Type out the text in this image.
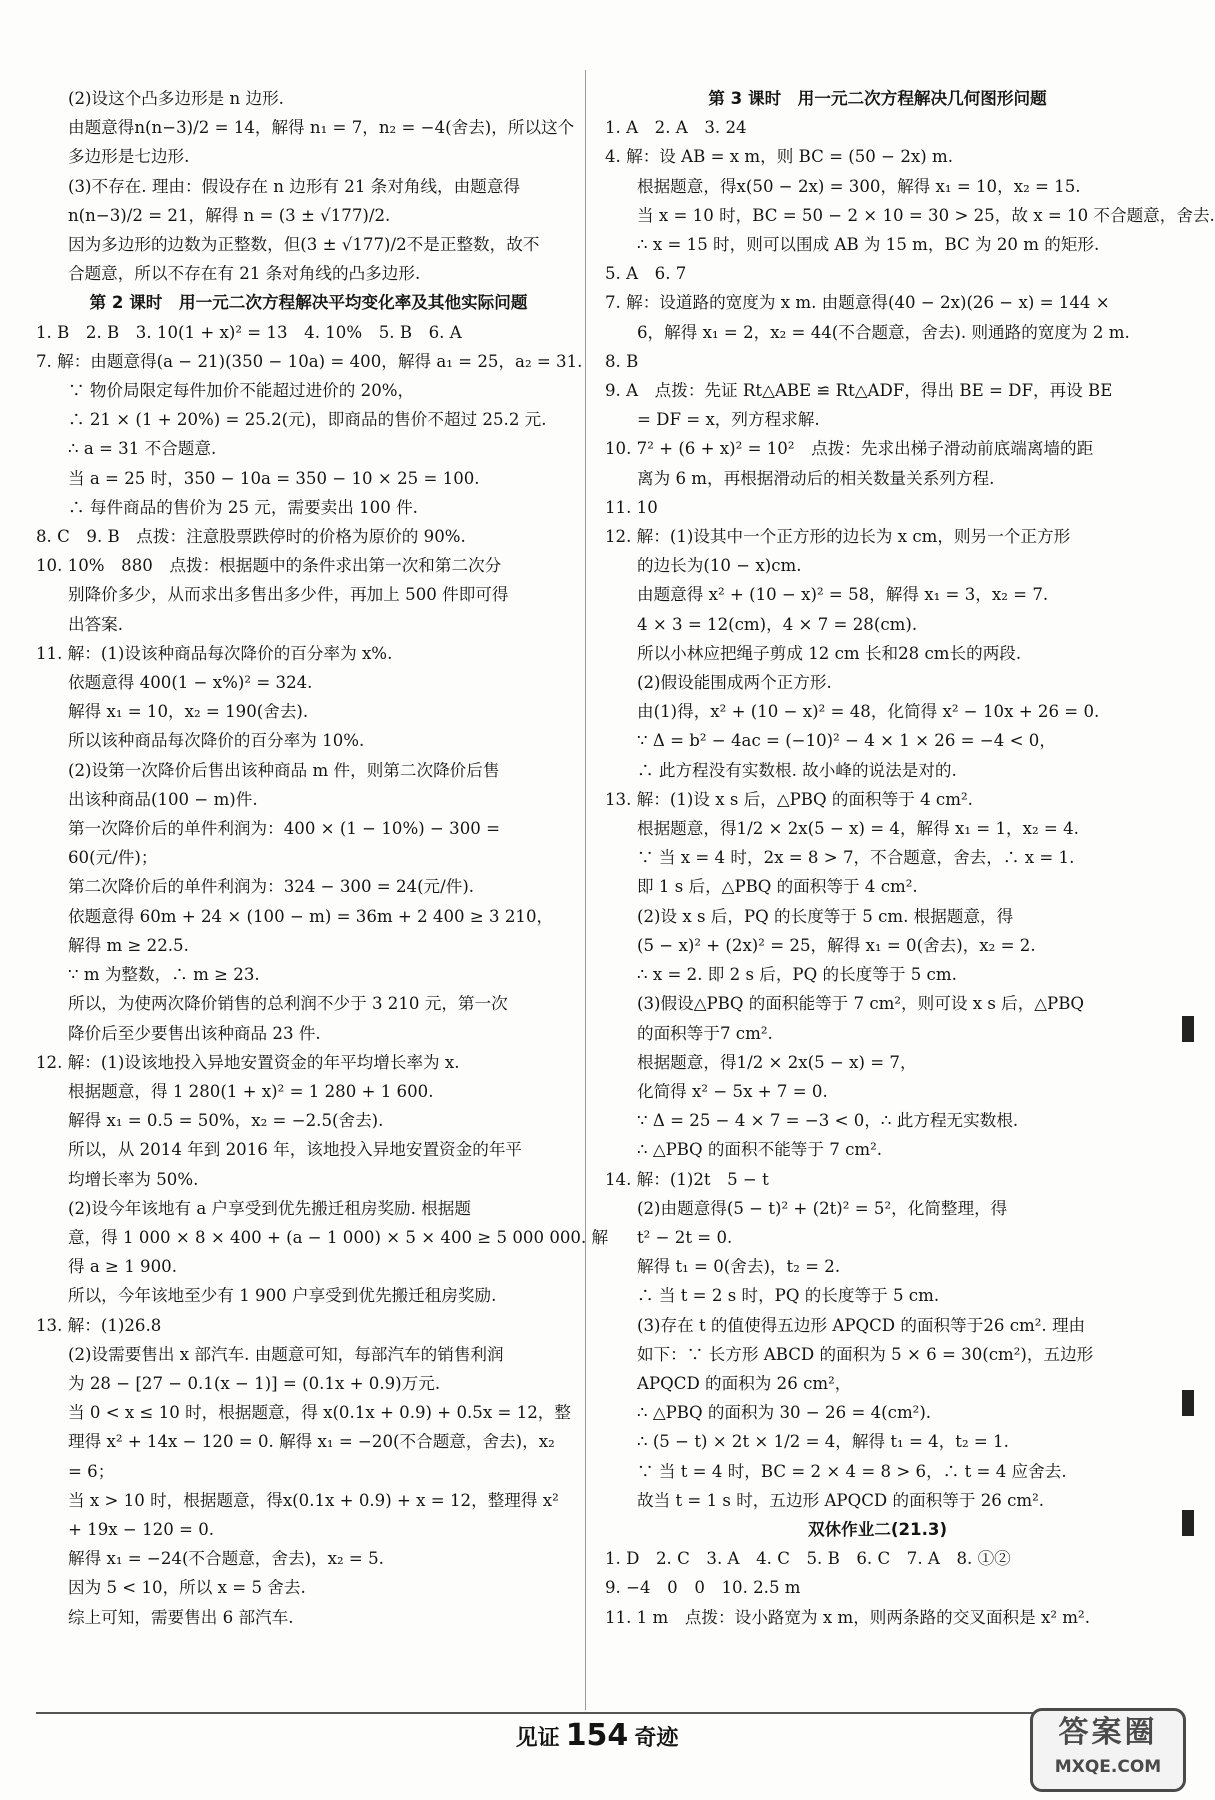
(2)设这个凸多边形是 n 边形.
由题意得n(n−3)/2 = 14，解得 n₁ = 7，n₂ = −4(舍去)，所以这个
多边形是七边形.
(3)不存在. 理由：假设存在 n 边形有 21 条对角线，由题意得
n(n−3)/2 = 21，解得 n = (3 ± √177)/2.
因为多边形的边数为正整数，但(3 ± √177)/2不是正整数，故不
合题意，所以不存在有 21 条对角线的凸多边形.
第 2 课时　用一元二次方程解决平均变化率及其他实际问题
1. B　2. B　3. 10(1 + x)² = 13　4. 10%　5. B　6. A
7. 解：由题意得(a − 21)(350 − 10a) = 400，解得 a₁ = 25，a₂ = 31.
∵ 物价局限定每件加价不能超过进价的 20%，
∴ 21 × (1 + 20%) = 25.2(元)，即商品的售价不超过 25.2 元.
∴ a = 31 不合题意.
当 a = 25 时，350 − 10a = 350 − 10 × 25 = 100.
∴ 每件商品的售价为 25 元，需要卖出 100 件.
8. C　9. B　点拨：注意股票跌停时的价格为原价的 90%.
10. 10%　880　点拨：根据题中的条件求出第一次和第二次分
别降价多少，从而求出多售出多少件，再加上 500 件即可得
出答案.
11. 解：(1)设该种商品每次降价的百分率为 x%.
依题意得 400(1 − x%)² = 324.
解得 x₁ = 10，x₂ = 190(舍去).
所以该种商品每次降价的百分率为 10%.
(2)设第一次降价后售出该种商品 m 件，则第二次降价后售
出该种商品(100 − m)件.
第一次降价后的单件利润为：400 × (1 − 10%) − 300 =
60(元/件)；
第二次降价后的单件利润为：324 − 300 = 24(元/件).
依题意得 60m + 24 × (100 − m) = 36m + 2 400 ≥ 3 210，
解得 m ≥ 22.5.
∵ m 为整数，∴ m ≥ 23.
所以，为使两次降价销售的总利润不少于 3 210 元，第一次
降价后至少要售出该种商品 23 件.
12. 解：(1)设该地投入异地安置资金的年平均增长率为 x.
根据题意，得 1 280(1 + x)² = 1 280 + 1 600.
解得 x₁ = 0.5 = 50%，x₂ = −2.5(舍去).
所以，从 2014 年到 2016 年，该地投入异地安置资金的年平
均增长率为 50%.
(2)设今年该地有 a 户享受到优先搬迁租房奖励. 根据题
意，得 1 000 × 8 × 400 + (a − 1 000) × 5 × 400 ≥ 5 000 000. 解
得 a ≥ 1 900.
所以，今年该地至少有 1 900 户享受到优先搬迁租房奖励.
13. 解：(1)26.8
(2)设需要售出 x 部汽车. 由题意可知，每部汽车的销售利润
为 28 − [27 − 0.1(x − 1)] = (0.1x + 0.9)万元.
当 0 < x ≤ 10 时，根据题意，得 x(0.1x + 0.9) + 0.5x = 12，整
理得 x² + 14x − 120 = 0. 解得 x₁ = −20(不合题意，舍去)，x₂
= 6；
当 x > 10 时，根据题意，得x(0.1x + 0.9) + x = 12，整理得 x²
+ 19x − 120 = 0.
解得 x₁ = −24(不合题意，舍去)，x₂ = 5.
因为 5 < 10，所以 x = 5 舍去.
综上可知，需要售出 6 部汽车.
第 3 课时　用一元二次方程解决几何图形问题
1. A　2. A　3. 24
4. 解：设 AB = x m，则 BC = (50 − 2x) m.
根据题意，得x(50 − 2x) = 300，解得 x₁ = 10，x₂ = 15.
当 x = 10 时，BC = 50 − 2 × 10 = 30 > 25，故 x = 10 不合题意，舍去.
∴ x = 15 时，则可以围成 AB 为 15 m，BC 为 20 m 的矩形.
5. A　6. 7
7. 解：设道路的宽度为 x m. 由题意得(40 − 2x)(26 − x) = 144 ×
6，解得 x₁ = 2，x₂ = 44(不合题意，舍去). 则通路的宽度为 2 m.
8. B
9. A　点拨：先证 Rt△ABE ≌ Rt△ADF，得出 BE = DF，再设 BE
= DF = x，列方程求解.
10. 7² + (6 + x)² = 10²　点拨：先求出梯子滑动前底端离墙的距
离为 6 m，再根据滑动后的相关数量关系列方程.
11. 10
12. 解：(1)设其中一个正方形的边长为 x cm，则另一个正方形
的边长为(10 − x)cm.
由题意得 x² + (10 − x)² = 58，解得 x₁ = 3，x₂ = 7.
4 × 3 = 12(cm)，4 × 7 = 28(cm).
所以小林应把绳子剪成 12 cm 长和28 cm长的两段.
(2)假设能围成两个正方形.
由(1)得，x² + (10 − x)² = 48，化简得 x² − 10x + 26 = 0.
∵ Δ = b² − 4ac = (−10)² − 4 × 1 × 26 = −4 < 0，
∴ 此方程没有实数根. 故小峰的说法是对的.
13. 解：(1)设 x s 后，△PBQ 的面积等于 4 cm².
根据题意，得1/2 × 2x(5 − x) = 4，解得 x₁ = 1，x₂ = 4.
∵ 当 x = 4 时，2x = 8 > 7，不合题意，舍去，∴ x = 1.
即 1 s 后，△PBQ 的面积等于 4 cm².
(2)设 x s 后，PQ 的长度等于 5 cm. 根据题意，得
(5 − x)² + (2x)² = 25，解得 x₁ = 0(舍去)，x₂ = 2.
∴ x = 2. 即 2 s 后，PQ 的长度等于 5 cm.
(3)假设△PBQ 的面积能等于 7 cm²，则可设 x s 后，△PBQ
的面积等于7 cm².
根据题意，得1/2 × 2x(5 − x) = 7，
化简得 x² − 5x + 7 = 0.
∵ Δ = 25 − 4 × 7 = −3 < 0，∴ 此方程无实数根.
∴ △PBQ 的面积不能等于 7 cm².
14. 解：(1)2t　5 − t
(2)由题意得(5 − t)² + (2t)² = 5²，化简整理，得
t² − 2t = 0.
解得 t₁ = 0(舍去)，t₂ = 2.
∴ 当 t = 2 s 时，PQ 的长度等于 5 cm.
(3)存在 t 的值使得五边形 APQCD 的面积等于26 cm². 理由
如下：∵ 长方形 ABCD 的面积为 5 × 6 = 30(cm²)，五边形
APQCD 的面积为 26 cm²，
∴ △PBQ 的面积为 30 − 26 = 4(cm²).
∴ (5 − t) × 2t × 1/2 = 4，解得 t₁ = 4，t₂ = 1.
∵ 当 t = 4 时，BC = 2 × 4 = 8 > 6，∴ t = 4 应舍去.
故当 t = 1 s 时，五边形 APQCD 的面积等于 26 cm².
双休作业二(21.3)
1. D　2. C　3. A　4. C　5. B　6. C　7. A　8. ①②
9. −4　0　0　10. 2.5 m
11. 1 m　点拨：设小路宽为 x m，则两条路的交叉面积是 x² m².
见证 154 奇迹	答案圈
MXQE.COM
